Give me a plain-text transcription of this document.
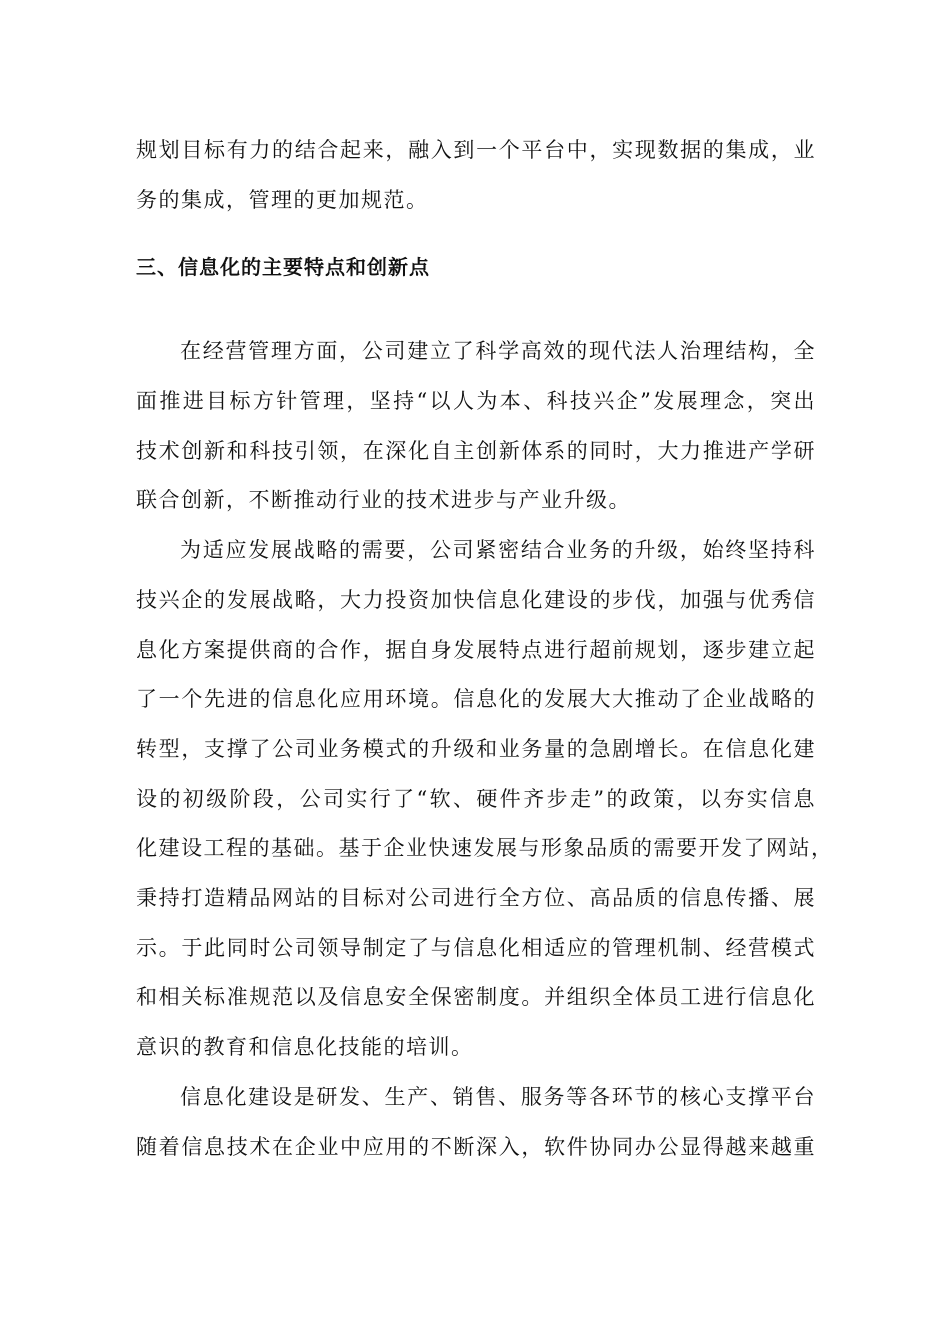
规划目标有力的结合起来，融入到一个平台中，实现数据的集成，业
务的集成，管理的更加规范。
三、信息化的主要特点和创新点
在经营管理方面，公司建立了科学高效的现代法人治理结构，全
面推进目标方针管理，坚持“以人为本、科技兴企”发展理念，突出
技术创新和科技引领，在深化自主创新体系的同时，大力推进产学研
联合创新，不断推动行业的技术进步与产业升级。
为适应发展战略的需要，公司紧密结合业务的升级，始终坚持科
技兴企的发展战略，大力投资加快信息化建设的步伐，加强与优秀信
息化方案提供商的合作，据自身发展特点进行超前规划，逐步建立起
了一个先进的信息化应用环境。信息化的发展大大推动了企业战略的
转型，支撑了公司业务模式的升级和业务量的急剧增长。在信息化建
设的初级阶段，公司实行了“软、硬件齐步走”的政策，以夯实信息
化建设工程的基础。基于企业快速发展与形象品质的需要开发了网站，
秉持打造精品网站的目标对公司进行全方位、高品质的信息传播、展
示。于此同时公司领导制定了与信息化相适应的管理机制、经营模式
和相关标准规范以及信息安全保密制度。并组织全体员工进行信息化
意识的教育和信息化技能的培训。
信息化建设是研发、生产、销售、服务等各环节的核心支撑平台
随着信息技术在企业中应用的不断深入，软件协同办公显得越来越重
